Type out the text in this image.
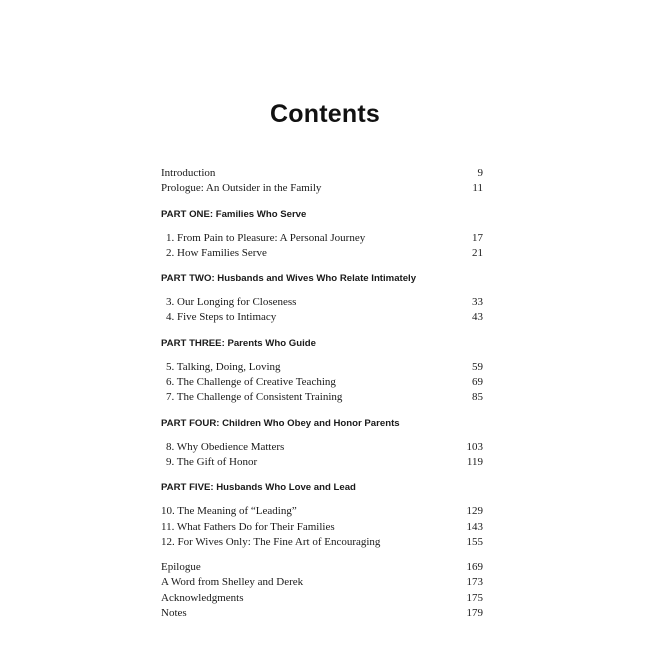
Contents
Introduction	9
Prologue: An Outsider in the Family	11
PART ONE: Families Who Serve
1. From Pain to Pleasure: A Personal Journey	17
2. How Families Serve	21
PART TWO: Husbands and Wives Who Relate Intimately
3. Our Longing for Closeness	33
4. Five Steps to Intimacy	43
PART THREE: Parents Who Guide
5. Talking, Doing, Loving	59
6. The Challenge of Creative Teaching	69
7. The Challenge of Consistent Training	85
PART FOUR: Children Who Obey and Honor Parents
8. Why Obedience Matters	103
9. The Gift of Honor	119
PART FIVE: Husbands Who Love and Lead
10. The Meaning of “Leading”	129
11. What Fathers Do for Their Families	143
12. For Wives Only: The Fine Art of Encouraging	155
Epilogue	169
A Word from Shelley and Derek	173
Acknowledgments	175
Notes	179
